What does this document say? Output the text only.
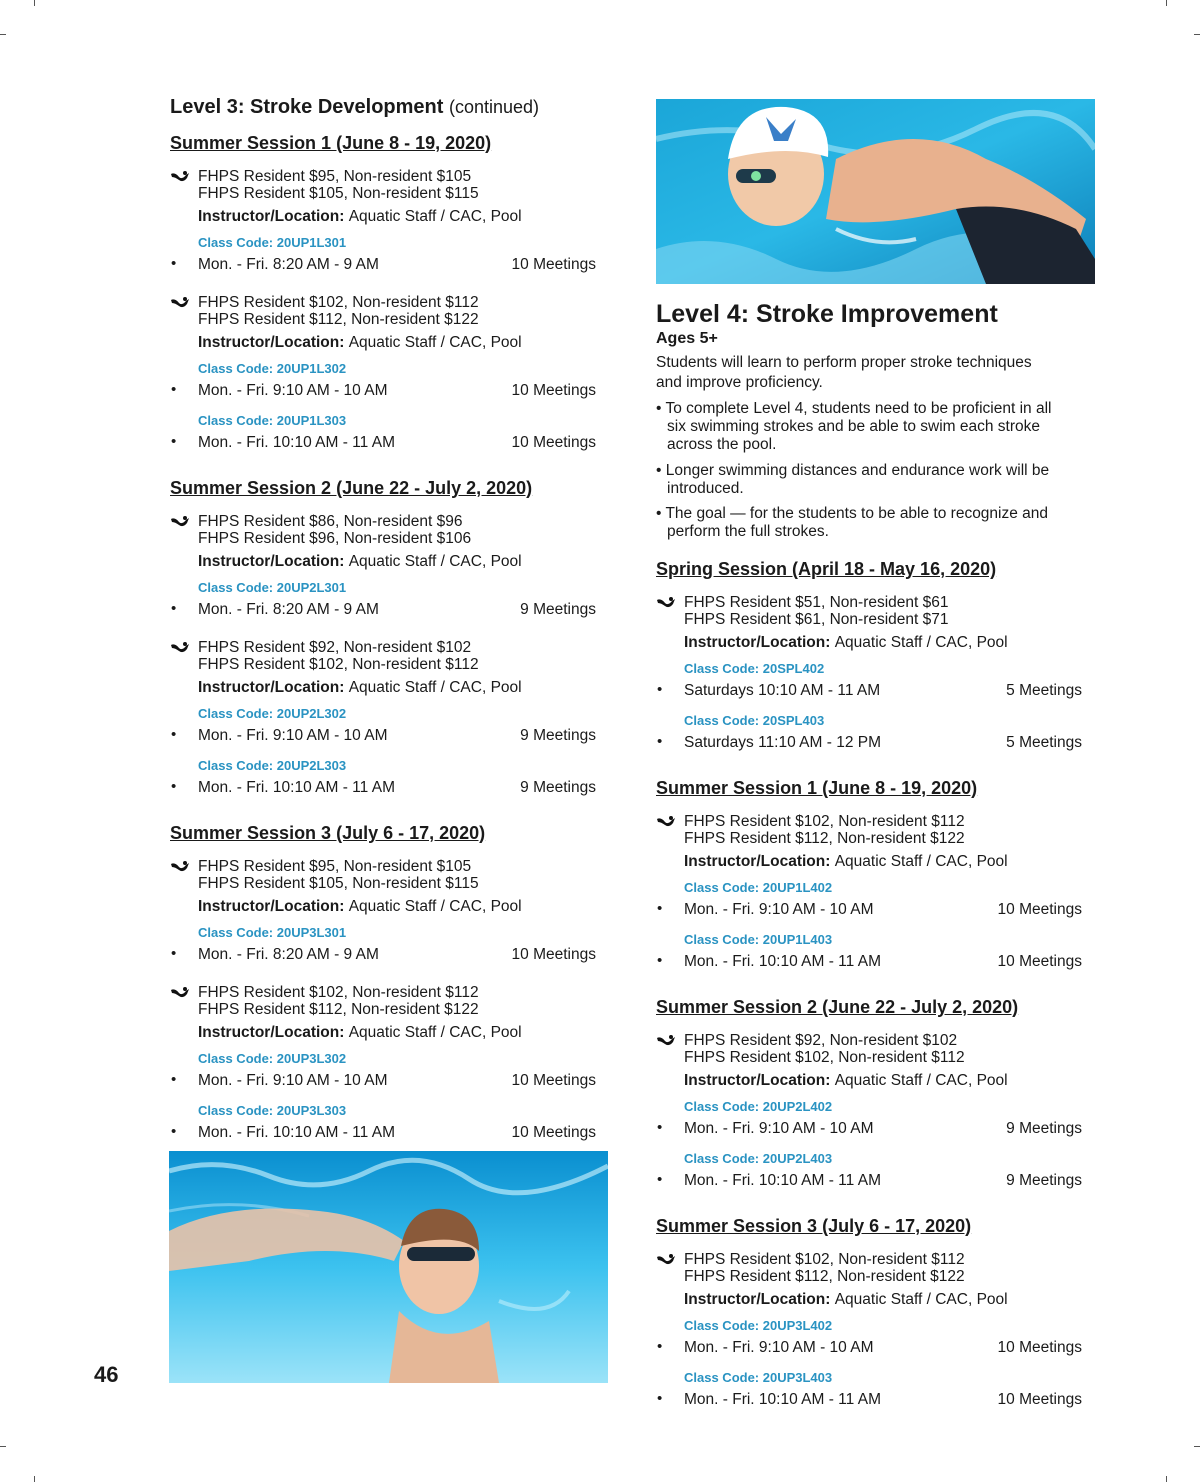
Level 3: Stroke Development (continued)
Summer Session 1 (June 8 - 19, 2020)
FHPS Resident $95, Non-resident $105
FHPS Resident $105, Non-resident $115
Instructor/Location: Aquatic Staff / CAC, Pool
Class Code: 20UP1L301
• Mon. - Fri. 8:20 AM - 9 AM	10 Meetings
FHPS Resident $102, Non-resident $112
FHPS Resident $112, Non-resident $122
Instructor/Location: Aquatic Staff / CAC, Pool
Class Code: 20UP1L302
• Mon. - Fri. 9:10 AM - 10 AM	10 Meetings
Class Code: 20UP1L303
• Mon. - Fri. 10:10 AM - 11 AM	10 Meetings
Summer Session 2 (June 22 - July 2, 2020)
FHPS Resident $86, Non-resident $96
FHPS Resident $96, Non-resident $106
Instructor/Location: Aquatic Staff / CAC, Pool
Class Code: 20UP2L301
• Mon. - Fri. 8:20 AM - 9 AM	9 Meetings
FHPS Resident $92, Non-resident $102
FHPS Resident $102, Non-resident $112
Instructor/Location: Aquatic Staff / CAC, Pool
Class Code: 20UP2L302
• Mon. - Fri. 9:10 AM - 10 AM	9 Meetings
Class Code: 20UP2L303
• Mon. - Fri. 10:10 AM - 11 AM	9 Meetings
Summer Session 3 (July 6 - 17, 2020)
FHPS Resident $95, Non-resident $105
FHPS Resident $105, Non-resident $115
Instructor/Location: Aquatic Staff / CAC, Pool
Class Code: 20UP3L301
• Mon. - Fri. 8:20 AM - 9 AM	10 Meetings
FHPS Resident $102, Non-resident $112
FHPS Resident $112, Non-resident $122
Instructor/Location: Aquatic Staff / CAC, Pool
Class Code: 20UP3L302
• Mon. - Fri. 9:10 AM - 10 AM	10 Meetings
Class Code: 20UP3L303
• Mon. - Fri. 10:10 AM - 11 AM	10 Meetings
Spring Session (April 18 - May 16, 2020)
FHPS Resident $51, Non-resident $61
FHPS Resident $61, Non-resident $71
Instructor/Location: Aquatic Staff / CAC, Pool
Class Code: 20SPL402
• Saturdays 10:10 AM - 11 AM	5 Meetings
Class Code: 20SPL403
• Saturdays 11:10 AM - 12 PM	5 Meetings
Summer Session 1 (June 8 - 19, 2020)
FHPS Resident $102, Non-resident $112
FHPS Resident $112, Non-resident $122
Instructor/Location: Aquatic Staff / CAC, Pool
Class Code: 20UP1L402
• Mon. - Fri. 9:10 AM - 10 AM	10 Meetings
Class Code: 20UP1L403
• Mon. - Fri. 10:10 AM - 11 AM	10 Meetings
Summer Session 2 (June 22 - July 2, 2020)
FHPS Resident $92, Non-resident $102
FHPS Resident $102, Non-resident $112
Instructor/Location: Aquatic Staff / CAC, Pool
Class Code: 20UP2L402
• Mon. - Fri. 9:10 AM - 10 AM	9 Meetings
Class Code: 20UP2L403
• Mon. - Fri. 10:10 AM - 11 AM	9 Meetings
Summer Session 3 (July 6 - 17, 2020)
FHPS Resident $102, Non-resident $112
FHPS Resident $112, Non-resident $122
Instructor/Location: Aquatic Staff / CAC, Pool
Class Code: 20UP3L402
• Mon. - Fri. 9:10 AM - 10 AM	10 Meetings
Class Code: 20UP3L403
• Mon. - Fri. 10:10 AM - 11 AM	10 Meetings
Level 4: Stroke Improvement
Ages 5+
Students will learn to perform proper stroke techniques
and improve proficiency.
• To complete Level 4, students need to be proficient in all
six swimming strokes and be able to swim each stroke
across the pool.
• Longer swimming distances and endurance work will be
introduced.
• The goal — for the students to be able to recognize and
perform the full strokes.
46
